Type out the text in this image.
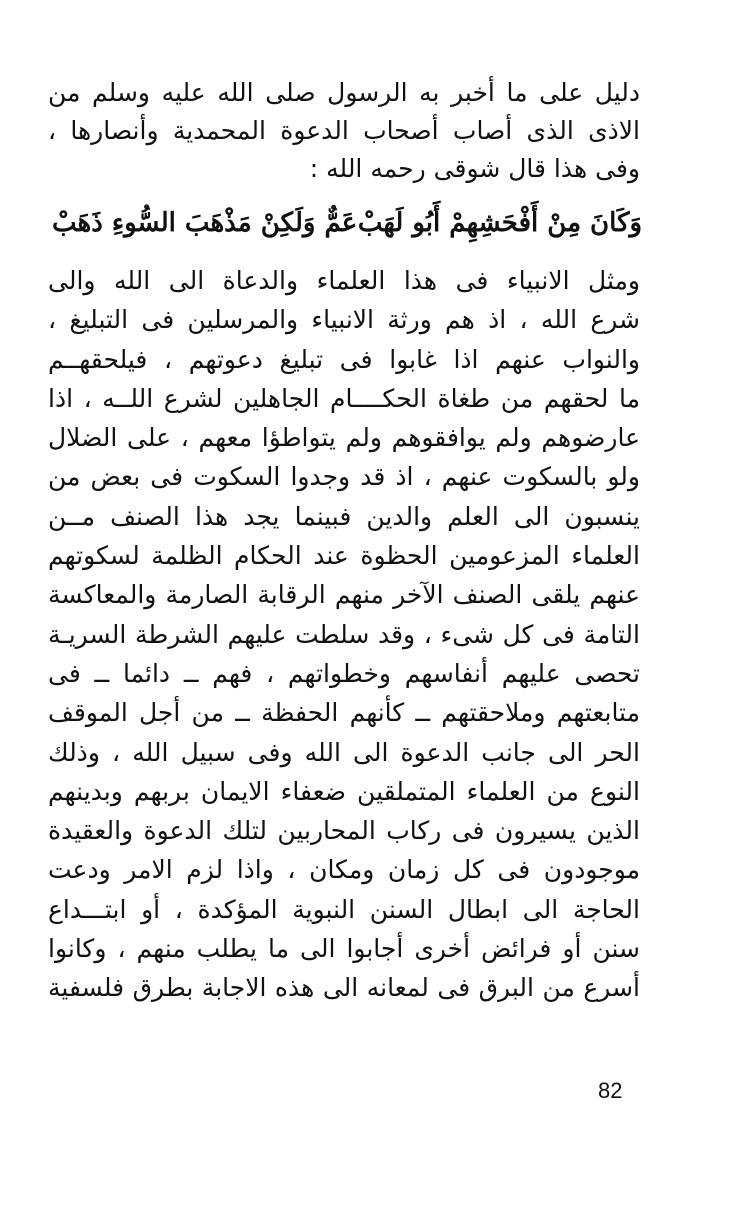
دليل على ما أخبر به الرسول صلى الله عليه وسلم من
الاذى الذى أصاب أصحاب الدعوة المحمدية وأنصارها ،
وفى هذا قال شوقى رحمه الله :
وَكَانَ مِنْ أَفْحَشِهِمْ أَبُو لَهَبْ
عَمٌّ وَلَكِنْ مَذْهَبَ السُّوءِ ذَهَبْ
ومثل الانبياء فى هذا العلماء والدعاة الى الله والى
شرع الله ، اذ هم ورثة الانبياء والمرسلين فى التبليغ ،
والنواب عنهم اذا غابوا فى تبليغ دعوتهم ، فيلحقهــم
ما لحقهم من طغاة الحكــــام الجاهلين لشرع اللــه ، اذا
عارضوهم ولم يوافقوهم ولم يتواطؤا معهم ، على الضلال
ولو بالسكوت عنهم ، اذ قد وجدوا السكوت فى بعض من
ينسبون الى العلم والدين فبينما يجد هذا الصنف مــن
العلماء المزعومين الحظوة عند الحكام الظلمة لسكوتهم
عنهم يلقى الصنف الآخر منهم الرقابة الصارمة والمعاكسة
التامة فى كل شىء ، وقد سلطت عليهم الشرطة السريـة
تحصى عليهم أنفاسهم وخطواتهم ، فهم ــ دائما ــ فى
متابعتهم وملاحقتهم ــ كأنهم الحفظة ــ من أجل الموقف
الحر الى جانب الدعوة الى الله وفى سبيل الله ، وذلك
النوع من العلماء المتملقين ضعفاء الايمان بربهم وبدينهم
الذين يسيرون فى ركاب المحاربين لتلك الدعوة والعقيدة
موجودون فى كل زمان ومكان ، واذا لزم الامر ودعت
الحاجة الى ابطال السنن النبوية المؤكدة ، أو ابتـــداع
سنن أو فرائض أخرى أجابوا الى ما يطلب منهم ، وكانوا
أسرع من البرق فى لمعانه الى هذه الاجابة بطرق فلسفية
82
